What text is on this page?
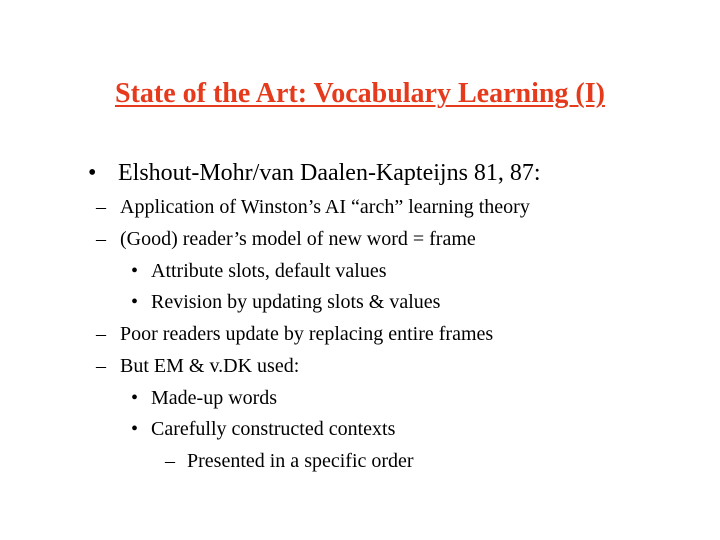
State of the Art: Vocabulary Learning (I)
• Elshout-Mohr/van Daalen-Kapteijns 81, 87:
– Application of Winston’s AI “arch” learning theory
– (Good) reader’s model of new word = frame
• Attribute slots, default values
• Revision by updating slots & values
– Poor readers update by replacing entire frames
– But EM & v.DK used:
• Made-up words
• Carefully constructed contexts
– Presented in a specific order
